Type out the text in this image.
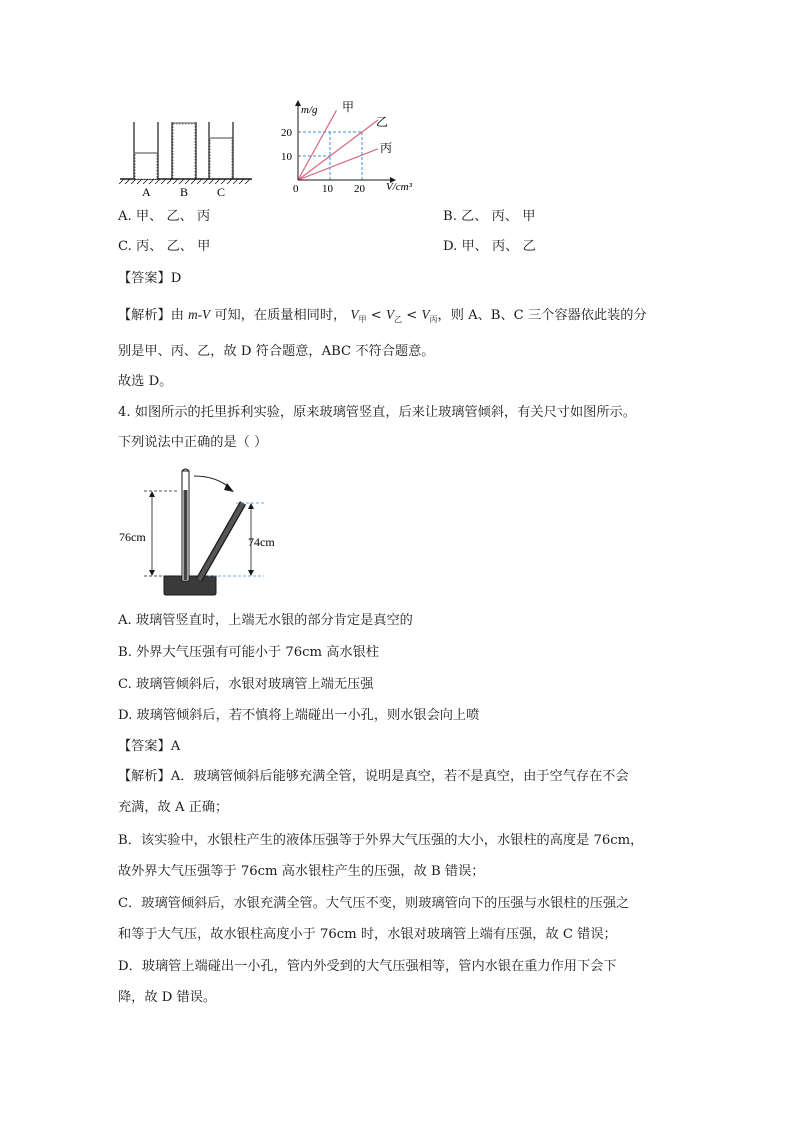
A B C
m/g
V/cm³
0 10 20
10
20
甲
乙
丙
A. 甲、 乙、 丙	B. 乙、 丙、 甲
C. 丙、 乙、 甲	D. 甲、 丙、 乙
【答案】D
【解析】由 m-V 可知，在质量相同时， $V_甲 < V_乙 < V_丙$，则 A、B、C 三个容器依此装的分
别是甲、丙、乙，故 D 符合题意，ABC 不符合题意。
故选 D。
4. 如图所示的托里拆利实验，原来玻璃管竖直，后来让玻璃管倾斜，有关尺寸如图所示。
下列说法中正确的是（ ）
76cm	74cm
A. 玻璃管竖直时，上端无水银的部分肯定是真空的
B. 外界大气压强有可能小于 76cm 高水银柱
C. 玻璃管倾斜后，水银对玻璃管上端无压强
D. 玻璃管倾斜后，若不慎将上端碰出一小孔，则水银会向上喷
【答案】A
【解析】A．玻璃管倾斜后能够充满全管，说明是真空，若不是真空，由于空气存在不会
充满，故 A 正确；
B．该实验中，水银柱产生的液体压强等于外界大气压强的大小，水银柱的高度是 76cm，
故外界大气压强等于 76cm 高水银柱产生的压强，故 B 错误；
C．玻璃管倾斜后，水银充满全管。大气压不变，则玻璃管向下的压强与水银柱的压强之
和等于大气压，故水银柱高度小于 76cm 时，水银对玻璃管上端有压强，故 C 错误；
D．玻璃管上端碰出一小孔，管内外受到的大气压强相等，管内水银在重力作用下会下
降，故 D 错误。
